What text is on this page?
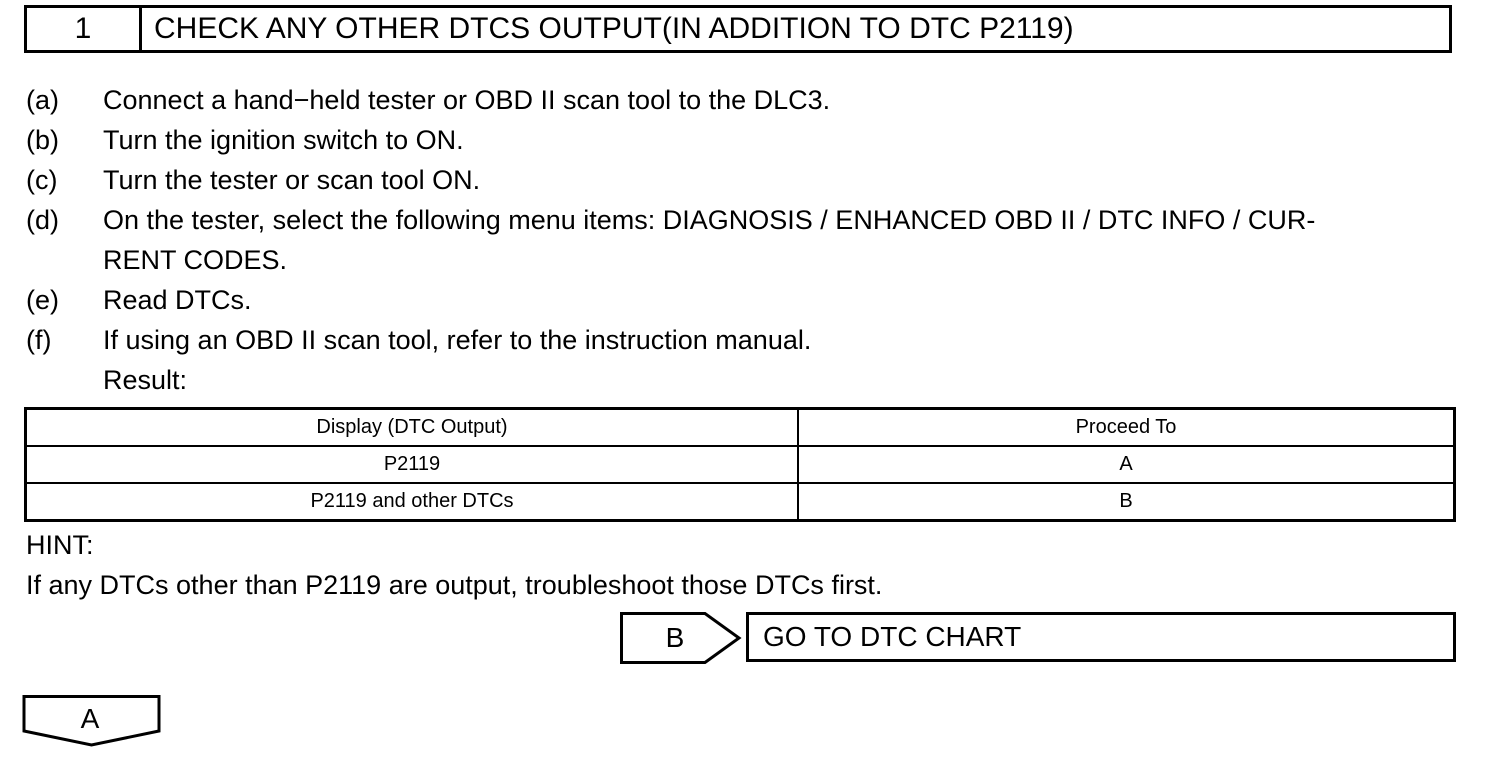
1	CHECK ANY OTHER DTCS OUTPUT(IN ADDITION TO DTC P2119)
(a)	Connect a hand−held tester or OBD II scan tool to the DLC3.
(b)	Turn the ignition switch to ON.
(c)	Turn the tester or scan tool ON.
(d)	On the tester, select the following menu items: DIAGNOSIS / ENHANCED OBD II / DTC INFO / CUR-
RENT CODES.
(e)	Read DTCs.
(f)	If using an OBD II scan tool, refer to the instruction manual.
Result:
Display (DTC Output)	Proceed To
P2119	A
P2119 and other DTCs	B
HINT:
If any DTCs other than P2119 are output, troubleshoot those DTCs first.
B	GO TO DTC CHART
A
